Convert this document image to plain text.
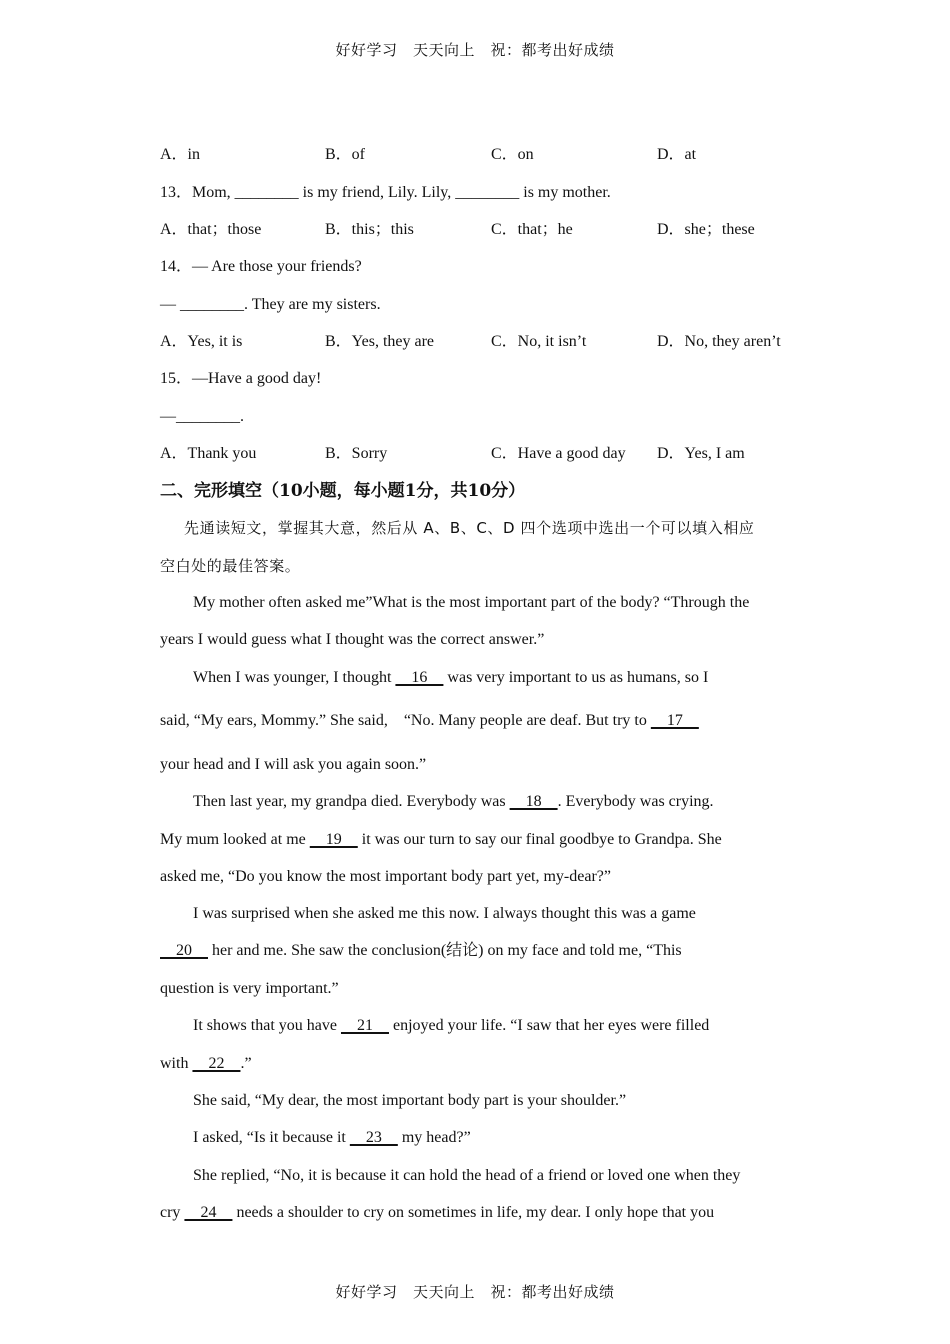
好好学习　天天向上　祝：都考出好成绩
A．in	B．of	C．on	D．at
13．Mom, ________ is my friend, Lily. Lily, ________ is my mother.
A．that；those	B．this；this	C．that；he	D．she；these
14．— Are those your friends?
— ________. They are my sisters.
A．Yes, it is	B．Yes, they are	C．No, it isn’t	D．No, they aren’t
15．—Have a good day!
—________.
A．Thank you	B．Sorry	C．Have a good day D．Yes, I am
二、完形填空（10小题，每小题1分，共10分）
先通读短文，掌握其大意，然后从 A、B、C、D 四个选项中选出一个可以填入相应
空白处的最佳答案。
My mother often asked me”What is the most important part of the body? “Through the
years I would guess what I thought was the correct answer.”
When I was younger, I thought     16     was very important to us as humans, so I
said, “My ears, Mommy.” She said,    “No. Many people are deaf. But try to     17
your head and I will ask you again soon.”
Then last year, my grandpa died. Everybody was     18    . Everybody was crying.
My mum looked at me     19     it was our turn to say our final goodbye to Grandpa. She
asked me, “Do you know the most important body part yet, my-dear?”
I was surprised when she asked me this now. I always thought this was a game
20     her and me. She saw the conclusion(结论) on my face and told me, “This
question is very important.”
It shows that you have     21     enjoyed your life. “I saw that her eyes were filled
with     22    .”
She said, “My dear, the most important body part is your shoulder.”
I asked, “Is it because it     23     my head?”
She replied, “No, it is because it can hold the head of a friend or loved one when they
cry     24     needs a shoulder to cry on sometimes in life, my dear. I only hope that you
好好学习　天天向上　祝：都考出好成绩
